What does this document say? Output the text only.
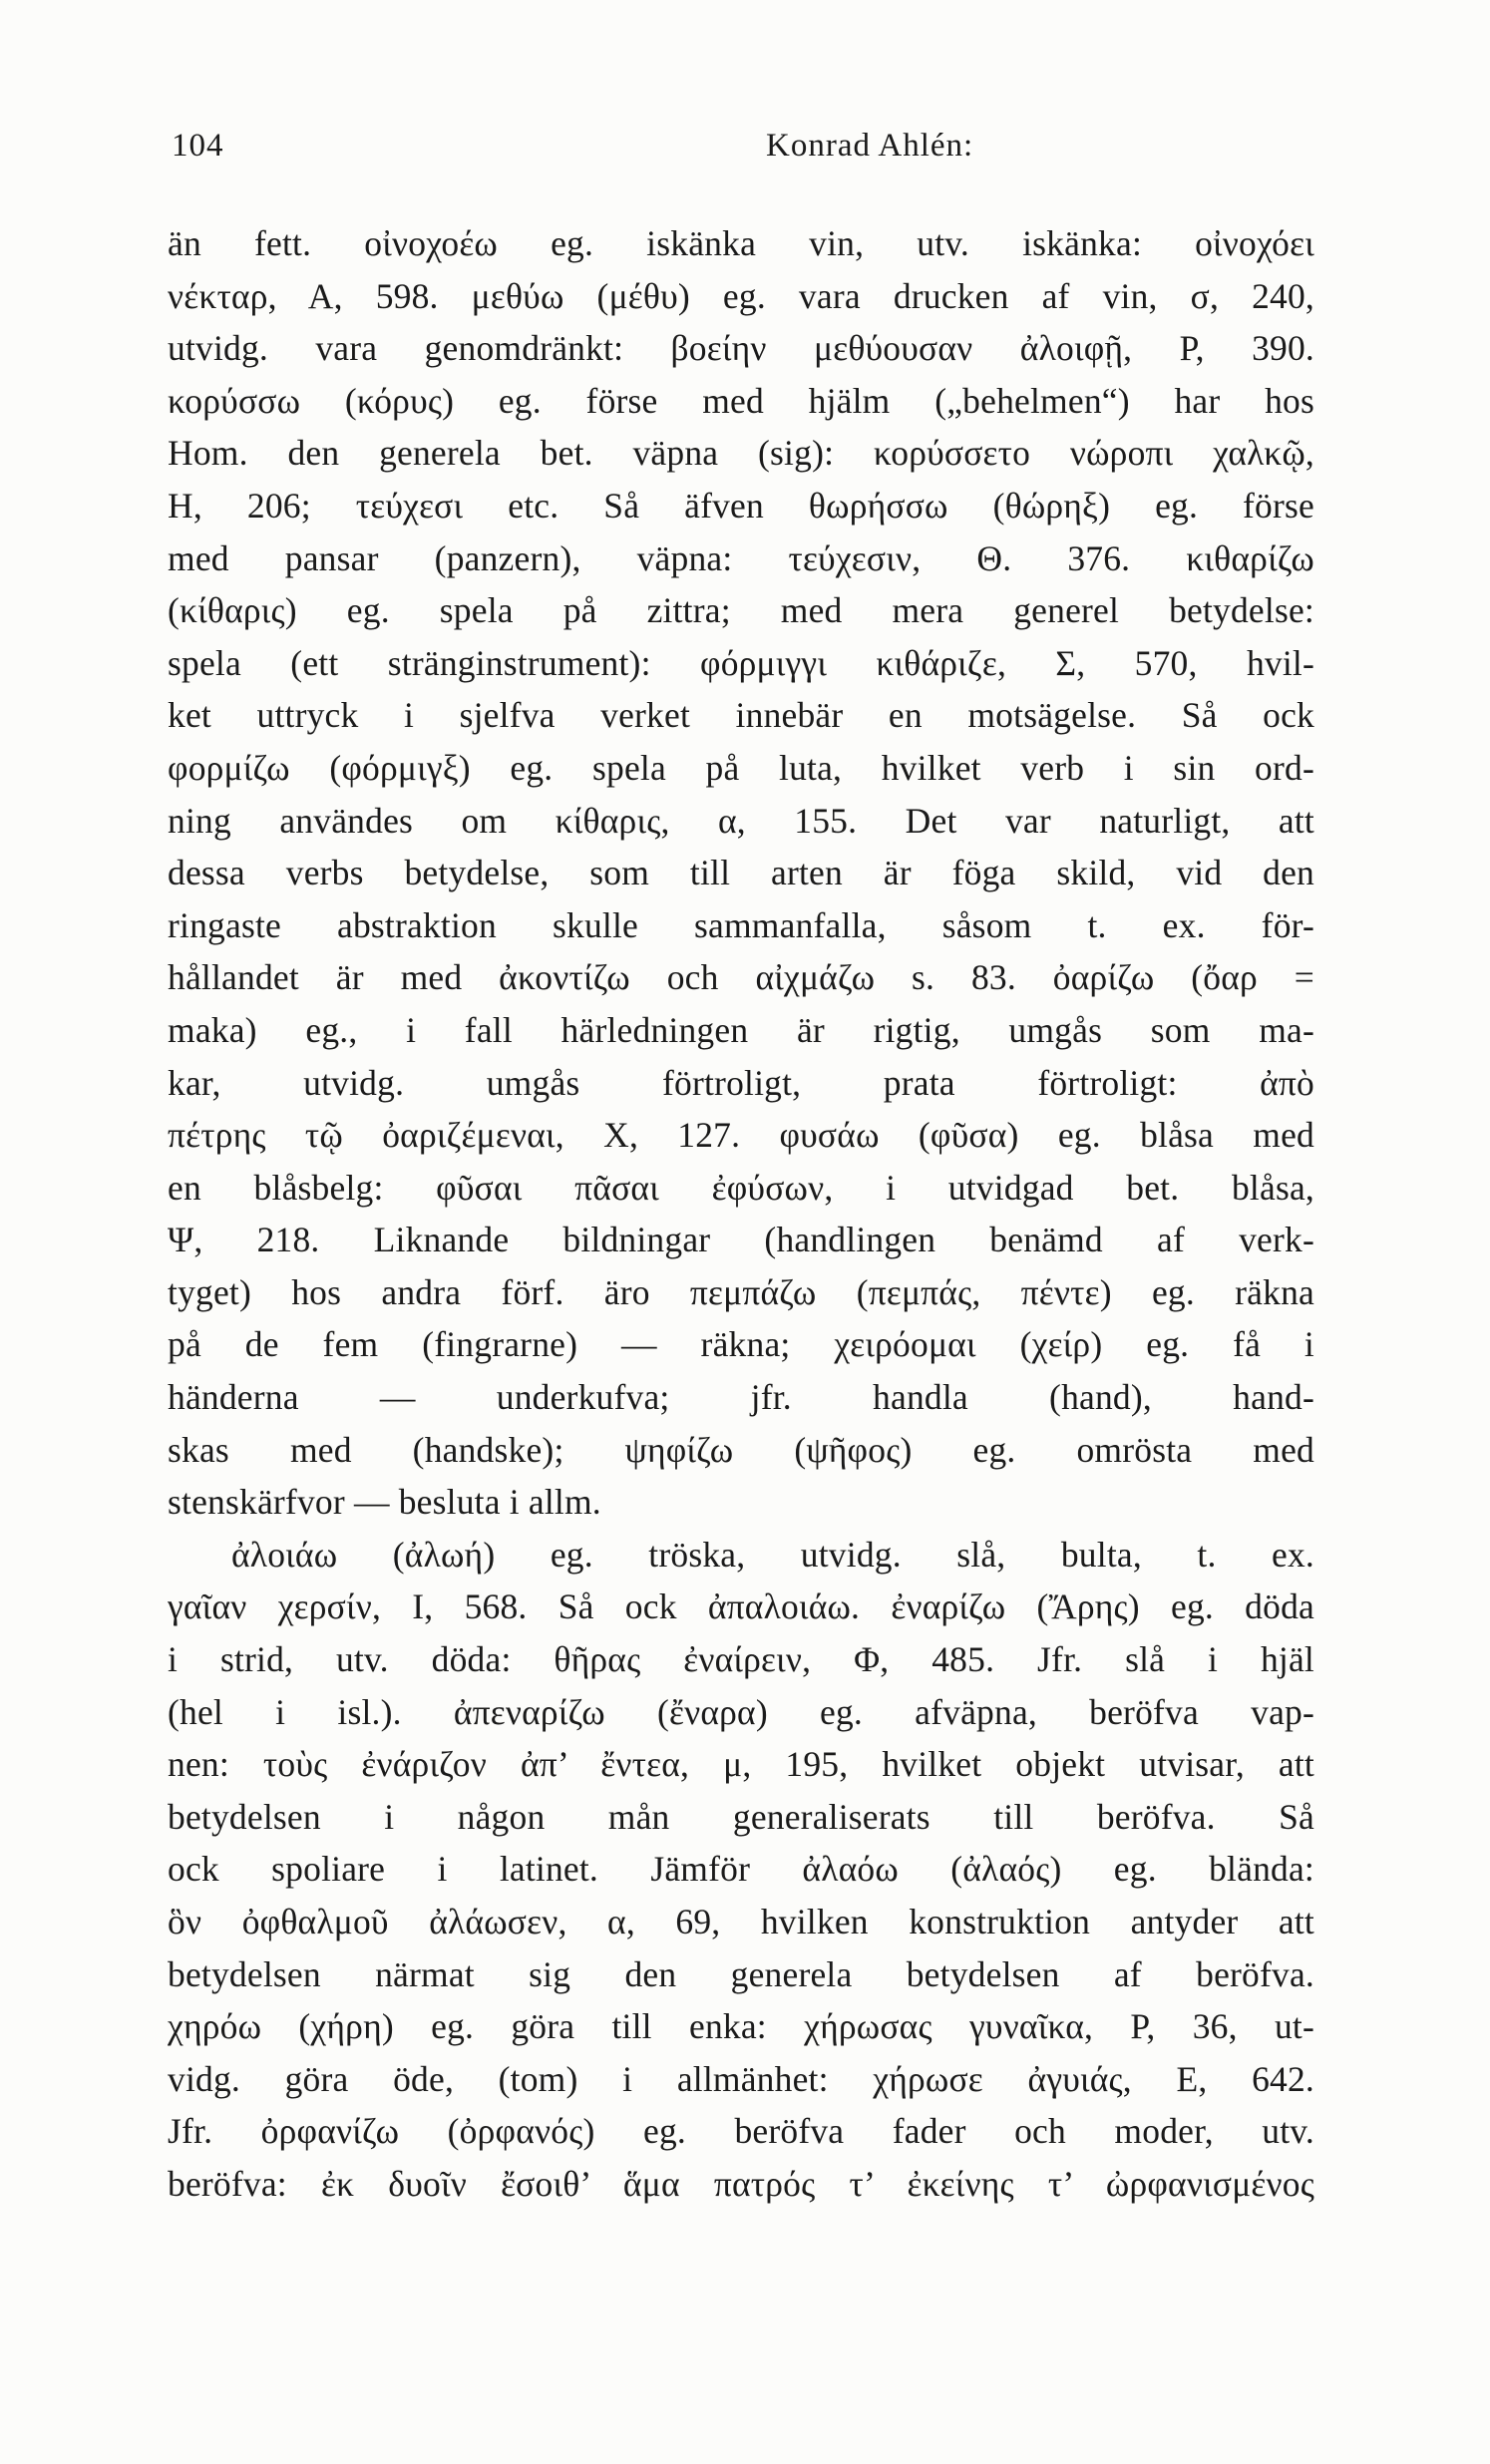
104	Konrad Ahlén:
än fett. οἰνοχοέω eg. iskänka vin, utv. iskänka: οἰνοχόει
νέκταρ, Α, 598. μεθύω (μέθυ) eg. vara drucken af vin, σ, 240,
utvidg. vara genomdränkt: βοείην μεθύουσαν ἀλοιφῇ, Ρ, 390.
κορύσσω (κόρυς) eg. förse med hjälm („behelmen“) har hos
Hom. den generela bet. väpna (sig): κορύσσετο νώροπι χαλκῷ,
Η, 206; τεύχεσι etc. Så äfven θωρήσσω (θώρηξ) eg. förse
med pansar (panzern), väpna: τεύχεσιν, Θ. 376. κιθαρίζω
(κίθαρις) eg. spela på zittra; med mera generel betydelse:
spela (ett stränginstrument): φόρμιγγι κιθάριζε, Σ, 570, hvil-
ket uttryck i sjelfva verket innebär en motsägelse. Så ock
φορμίζω (φόρμιγξ) eg. spela på luta, hvilket verb i sin ord-
ning användes om κίθαρις, α, 155. Det var naturligt, att
dessa verbs betydelse, som till arten är föga skild, vid den
ringaste abstraktion skulle sammanfalla, såsom t. ex. för-
hållandet är med ἀκοντίζω och αἰχμάζω s. 83. ὀαρίζω (ὄαρ =
maka) eg., i fall härledningen är rigtig, umgås som ma-
kar, utvidg. umgås förtroligt, prata förtroligt: ἀπὸ
πέτρης τῷ ὀαριζέμεναι, Χ, 127. φυσάω (φῦσα) eg. blåsa med
en blåsbelg: φῦσαι πᾶσαι ἐφύσων, i utvidgad bet. blåsa,
Ψ, 218. Liknande bildningar (handlingen benämd af verk-
tyget) hos andra förf. äro πεμπάζω (πεμπάς, πέντε) eg. räkna
på de fem (fingrarne) — räkna; χειρόομαι (χείρ) eg. få i
händerna — underkufva; jfr. handla (hand), hand-
skas med (handske); ψηφίζω (ψῆφος) eg. omrösta med
stenskärfvor — besluta i allm.
ἀλοιάω (ἀλωή) eg. tröska, utvidg. slå, bulta, t. ex.
γαῖαν χερσίν, Ι, 568. Så ock ἀπαλοιάω. ἐναρίζω (Ἄρης) eg. döda
i strid, utv. döda: θῆρας ἐναίρειν, Φ, 485. Jfr. slå i hjäl
(hel i isl.). ἀπεναρίζω (ἔναρα) eg. afväpna, beröfva vap-
nen: τοὺς ἐνάριζον ἀπ’ ἔντεα, μ, 195, hvilket objekt utvisar, att
betydelsen i någon mån generaliserats till beröfva. Så
ock spoliare i latinet. Jämför ἀλαόω (ἀλαός) eg. blända:
ὃν ὀφθαλμοῦ ἀλάωσεν, α, 69, hvilken konstruktion antyder att
betydelsen närmat sig den generela betydelsen af beröfva.
χηρόω (χήρη) eg. göra till enka: χήρωσας γυναῖκα, Ρ, 36, ut-
vidg. göra öde, (tom) i allmänhet: χήρωσε ἀγυιάς, Ε, 642.
Jfr. ὀρφανίζω (ὀρφανός) eg. beröfva fader och moder, utv.
beröfva: ἐκ δυοῖν ἔσοιθ’ ἅμα πατρός τ’ ἐκείνης τ’ ὠρφανισμένος
